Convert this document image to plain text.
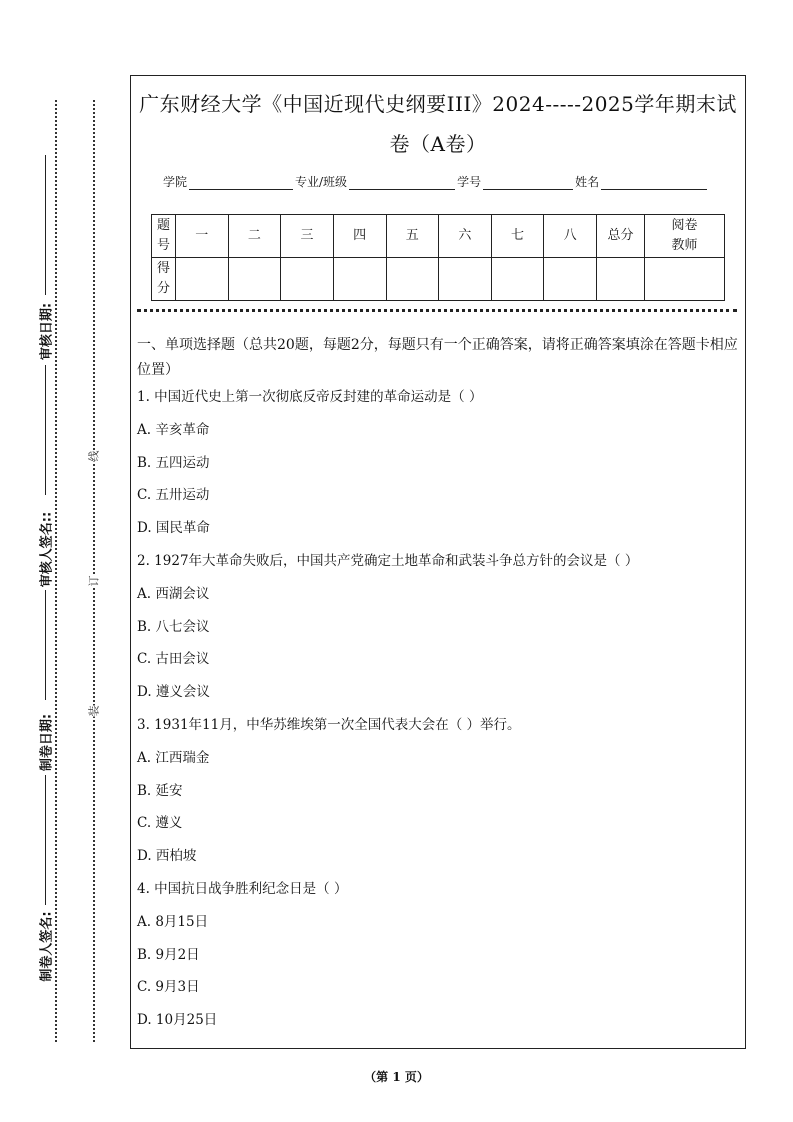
审核日期:
审核人签名::
制卷日期:
制卷人签名:
线
订
装
广东财经大学《中国近现代史纲要III》2024-----2025学年期末试
卷（A卷）
学院	专业/班级	学号	姓名
题号	一	二	三	四	五	六	七	八	总分	阅卷教师
得分										
一、单项选择题（总共20题，每题2分，每题只有一个正确答案，请将正确答案填涂在答题卡相应位置）
1. 中国近代史上第一次彻底反帝反封建的革命运动是（ ）
A. 辛亥革命
B. 五四运动
C. 五卅运动
D. 国民革命
2. 1927年大革命失败后，中国共产党确定土地革命和武装斗争总方针的会议是（ ）
A. 西湖会议
B. 八七会议
C. 古田会议
D. 遵义会议
3. 1931年11月，中华苏维埃第一次全国代表大会在（ ）举行。
A. 江西瑞金
B. 延安
C. 遵义
D. 西柏坡
4. 中国抗日战争胜利纪念日是（ ）
A. 8月15日
B. 9月2日
C. 9月3日
D. 10月25日
（第 1 页）
